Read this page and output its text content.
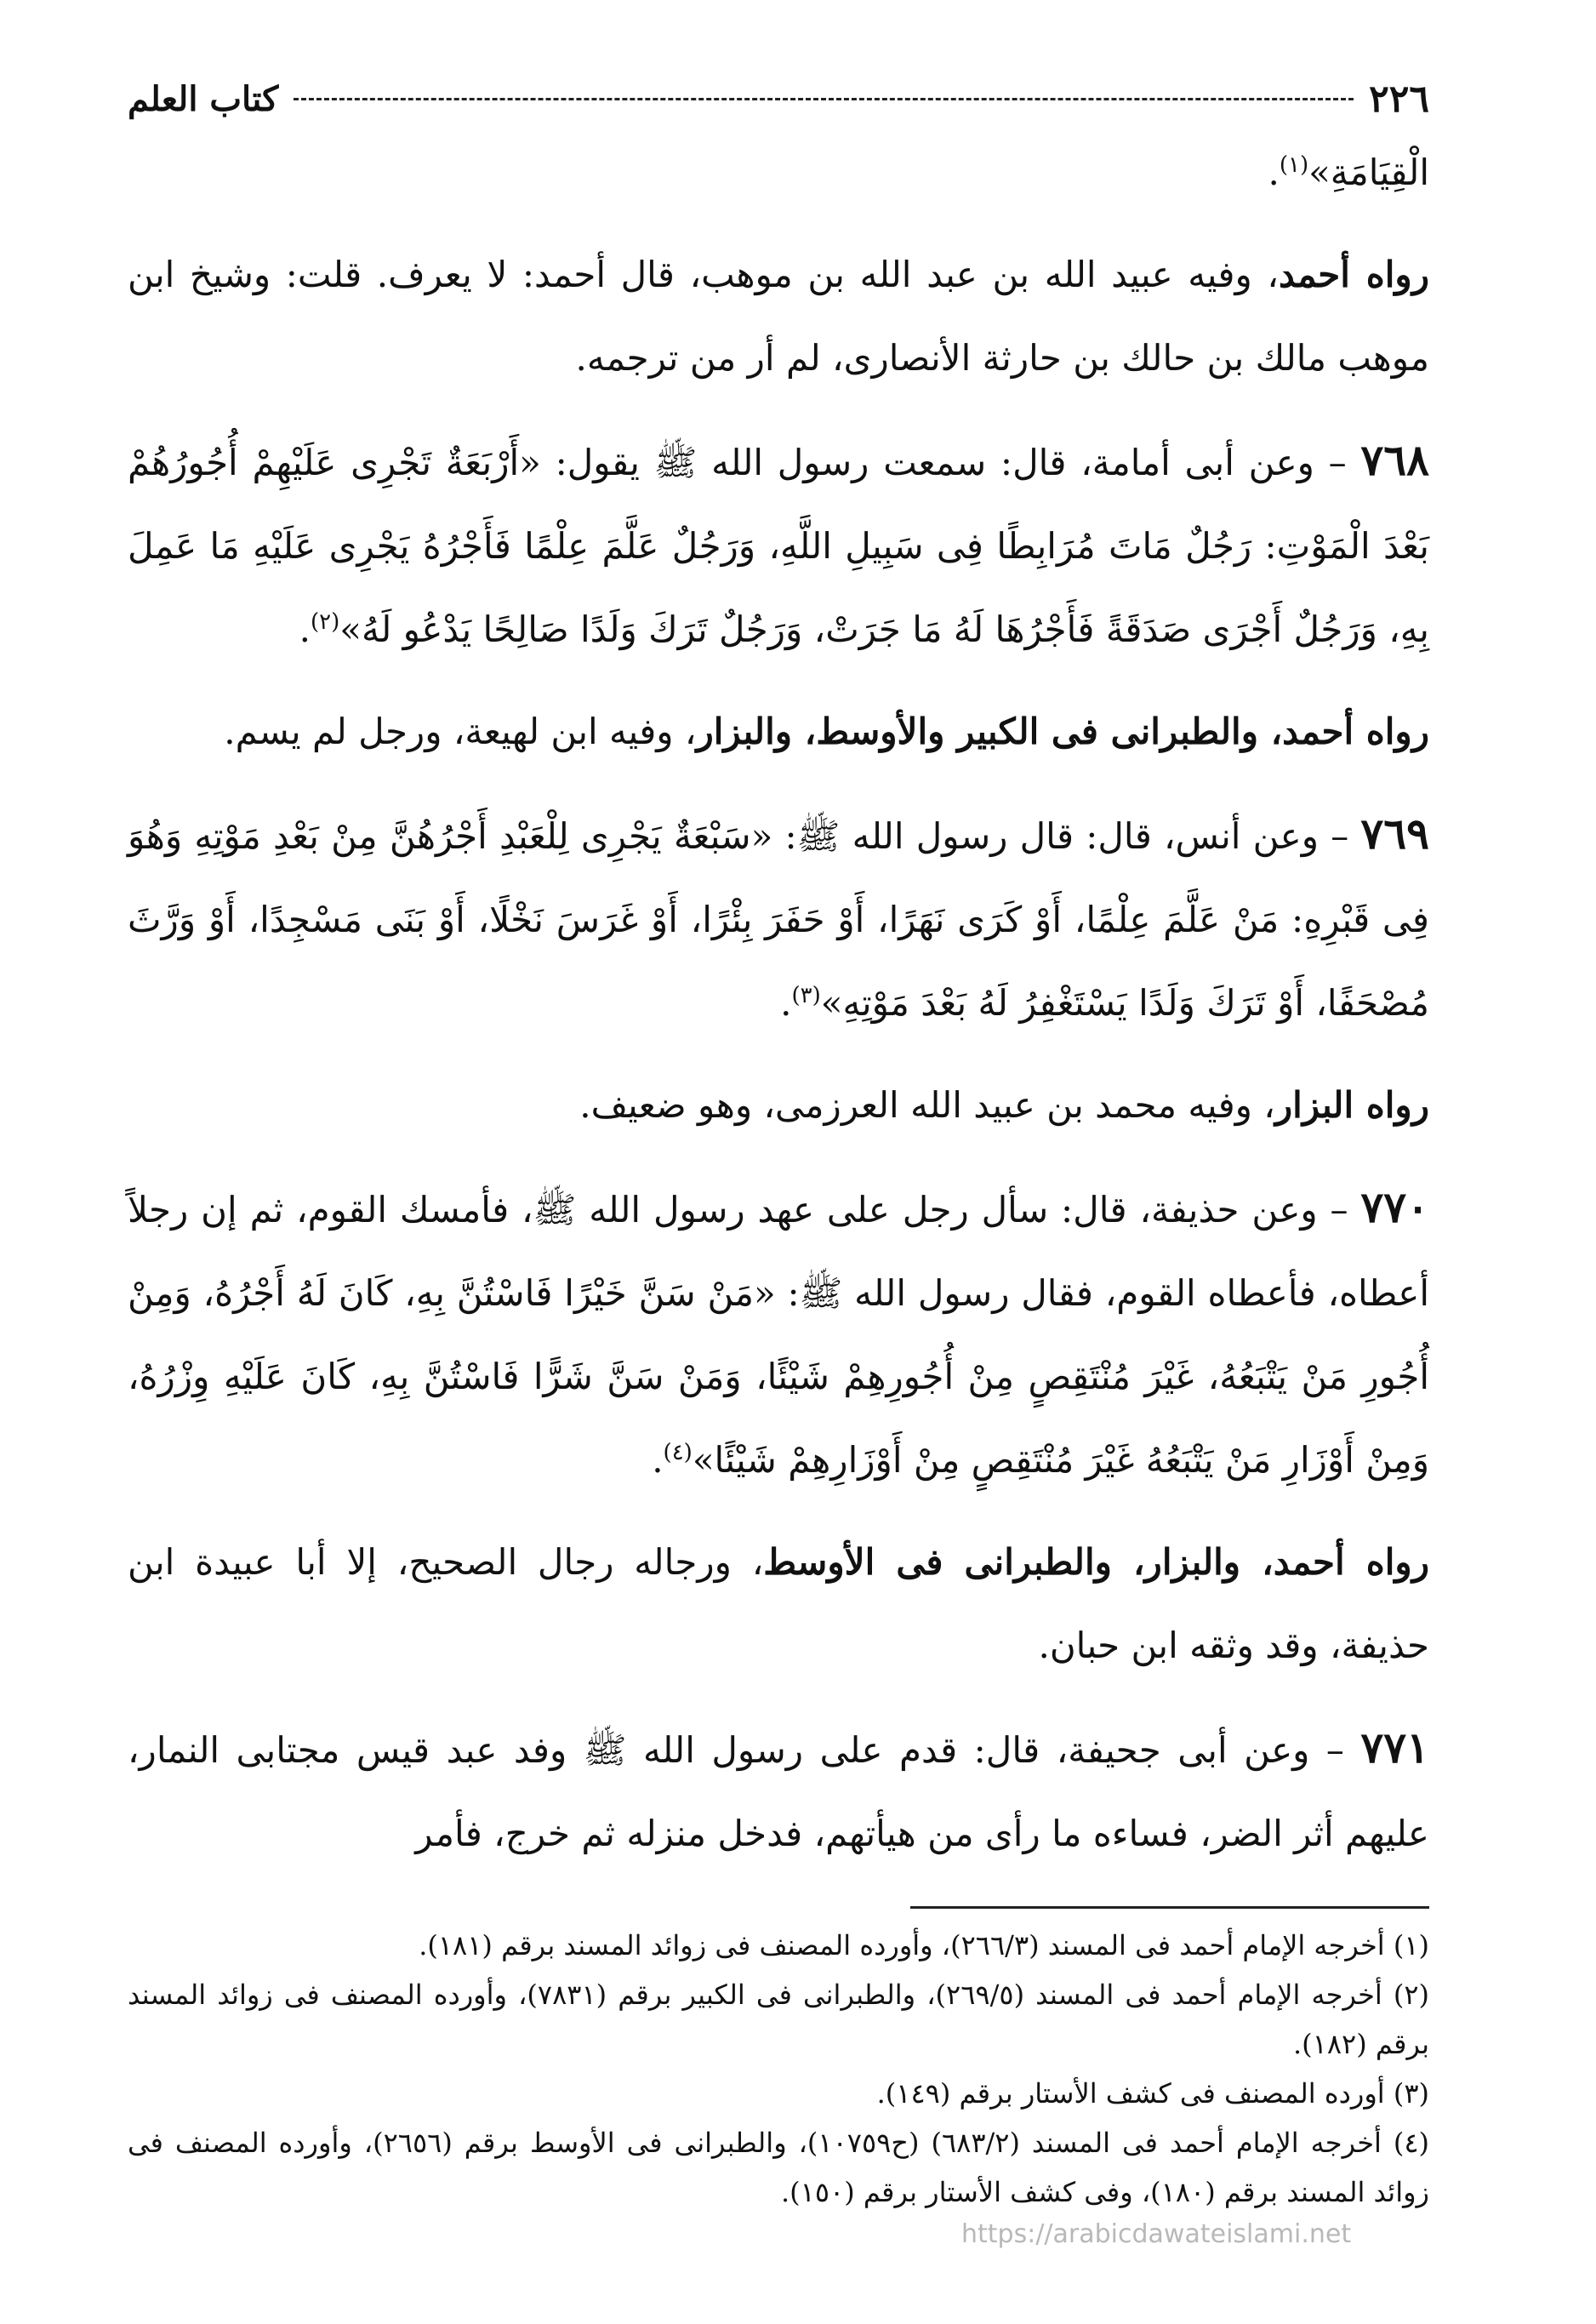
٢٢٦
كتاب العلم

الْقِيَامَةِ»$^{(١)}$.

رواه أحمد، وفيه عبيد الله بن عبد الله بن موهب، قال أحمد: لا يعرف. قلت: وشيخ ابن موهب مالك بن حالك بن حارثة الأنصارى، لم أر من ترجمه.

٧٦٨ – وعن أبى أمامة، قال: سمعت رسول الله ﷺ يقول: «أَرْبَعَةٌ تَجْرِى عَلَيْهِمْ أُجُورُهُمْ بَعْدَ الْمَوْتِ: رَجُلٌ مَاتَ مُرَابِطًا فِى سَبِيلِ اللَّهِ، وَرَجُلٌ عَلَّمَ عِلْمًا فَأَجْرُهُ يَجْرِى عَلَيْهِ مَا عَمِلَ بِهِ، وَرَجُلٌ أَجْرَى صَدَقَةً فَأَجْرُهَا لَهُ مَا جَرَتْ، وَرَجُلٌ تَرَكَ وَلَدًا صَالِحًا يَدْعُو لَهُ»$^{(٢)}$.

رواه أحمد، والطبرانى فى الكبير والأوسط، والبزار، وفيه ابن لهيعة، ورجل لم يسم.

٧٦٩ – وعن أنس، قال: قال رسول الله ﷺ: «سَبْعَةٌ يَجْرِى لِلْعَبْدِ أَجْرُهُنَّ مِنْ بَعْدِ مَوْتِهِ وَهُوَ فِى قَبْرِهِ: مَنْ عَلَّمَ عِلْمًا، أَوْ كَرَى نَهَرًا، أَوْ حَفَرَ بِئْرًا، أَوْ غَرَسَ نَخْلًا، أَوْ بَنَى مَسْجِدًا، أَوْ وَرَّثَ مُصْحَفًا، أَوْ تَرَكَ وَلَدًا يَسْتَغْفِرُ لَهُ بَعْدَ مَوْتِهِ»$^{(٣)}$.

رواه البزار، وفيه محمد بن عبيد الله العرزمى، وهو ضعيف.

٧٧٠ – وعن حذيفة، قال: سأل رجل على عهد رسول الله ﷺ، فأمسك القوم، ثم إن رجلاً أعطاه، فأعطاه القوم، فقال رسول الله ﷺ: «مَنْ سَنَّ خَيْرًا فَاسْتُنَّ بِهِ، كَانَ لَهُ أَجْرُهُ، وَمِنْ أُجُورِ مَنْ يَتْبَعُهُ، غَيْرَ مُنْتَقِصٍ مِنْ أُجُورِهِمْ شَيْئًا، وَمَنْ سَنَّ شَرًّا فَاسْتُنَّ بِهِ، كَانَ عَلَيْهِ وِزْرُهُ، وَمِنْ أَوْزَارِ مَنْ يَتْبَعُهُ غَيْرَ مُنْتَقِصٍ مِنْ أَوْزَارِهِمْ شَيْئًا»$^{(٤)}$.

رواه أحمد، والبزار، والطبرانى فى الأوسط، ورجاله رجال الصحيح، إلا أبا عبيدة ابن حذيفة، وقد وثقه ابن حبان.

٧٧١ – وعن أبى جحيفة، قال: قدم على رسول الله ﷺ وفد عبد قيس مجتابى النمار، عليهم أثر الضر، فساءه ما رأى من هيأتهم، فدخل منزله ثم خرج، فأمر

(١) أخرجه الإمام أحمد فى المسند (٢٦٦/٣)، وأورده المصنف فى زوائد المسند برقم (١٨١).

(٢) أخرجه الإمام أحمد فى المسند (٢٦٩/٥)، والطبرانى فى الكبير برقم (٧٨٣١)، وأورده المصنف فى زوائد المسند برقم (١٨٢).

(٣) أورده المصنف فى كشف الأستار برقم (١٤٩).

(٤) أخرجه الإمام أحمد فى المسند (٦٨٣/٢) (ح١٠٧٥٩)، والطبرانى فى الأوسط برقم (٢٦٥٦)، وأورده المصنف فى زوائد المسند برقم (١٨٠)، وفى كشف الأستار برقم (١٥٠).

https://arabicdawateislami.net
